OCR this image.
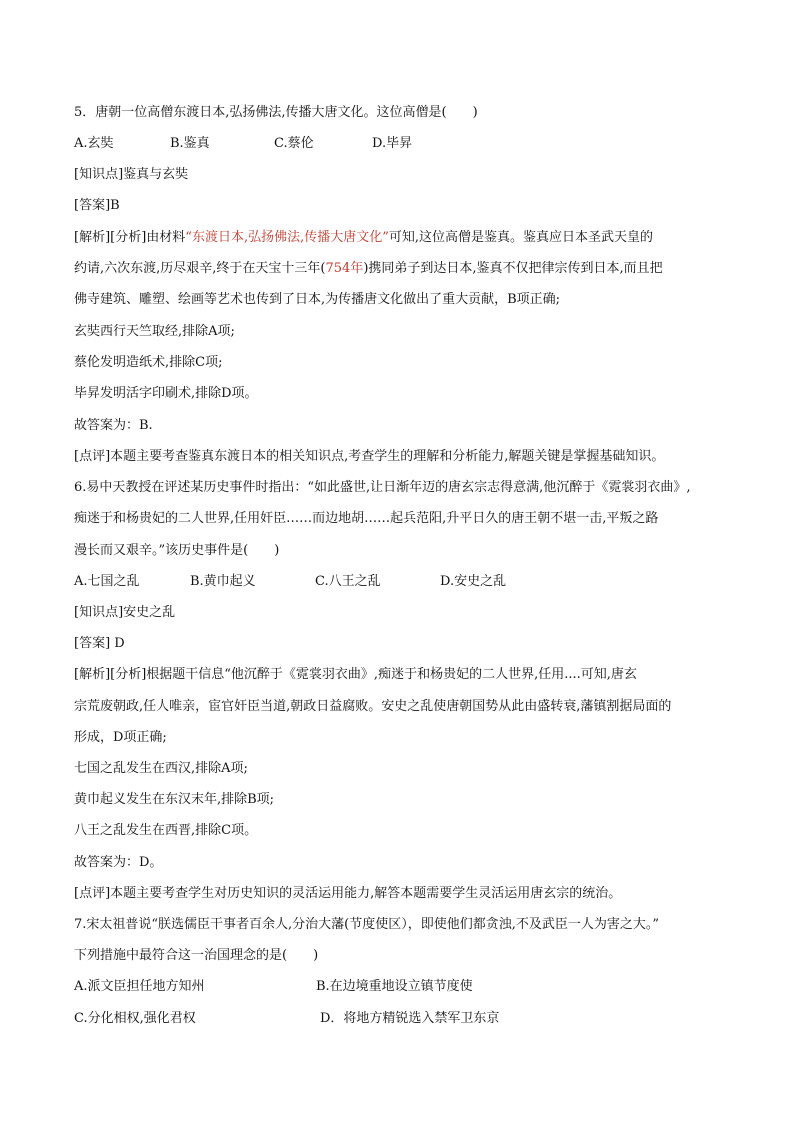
5．唐朝一位高僧东渡日本,弘扬佛法,传播大唐文化。这位高僧是(　　)
A.玄奘	B.鉴真	C.蔡伦	D.毕昇
[知识点]鉴真与玄奘
[答案]B
[解析][分析]由材料“东渡日本,弘扬佛法,传播大唐文化”可知,这位高僧是鉴真。鉴真应日本圣武天皇的
约请,六次东渡,历尽艰辛,终于在天宝十三年(754年)携同弟子到达日本,鉴真不仅把律宗传到日本,而且把
佛寺建筑、雕塑、绘画等艺术也传到了日本,为传播唐文化做出了重大贡献，B项正确;
玄奘西行天竺取经,排除A项;
蔡伦发明造纸术,排除C项;
毕昇发明活字印刷术,排除D项。
故答案为：B.
[点评]本题主要考查鉴真东渡日本的相关知识点,考查学生的理解和分析能力,解题关键是掌握基础知识。
6.易中天教授在评述某历史事件时指出：“如此盛世,让日渐年迈的唐玄宗志得意满,他沉醉于《霓裳羽衣曲》,
痴迷于和杨贵妃的二人世界,任用奸臣……而边地胡……起兵范阳,升平日久的唐王朝不堪一击,平叛之路
漫长而又艰辛。”该历史事件是(　　)
A.七国之乱	B.黄巾起义	C.八王之乱	D.安史之乱
[知识点]安史之乱
[答案] D
[解析][分析]根据题干信息“他沉醉于《霓裳羽衣曲》,痴迷于和杨贵妃的二人世界,任用....可知,唐玄
宗荒废朝政,任人唯亲，宦官奸臣当道,朝政日益腐败。安史之乱使唐朝国势从此由盛转衰,藩镇割据局面的
形成，D项正确;
七国之乱发生在西汉,排除A项;
黄巾起义发生在东汉末年,排除B项;
八王之乱发生在西晋,排除C项。
故答案为：D。
[点评]本题主要考查学生对历史知识的灵活运用能力,解答本题需要学生灵活运用唐玄宗的统治。
7.宋太祖普说“朕选儒臣干事者百余人,分治大藩(节度使区），即使他们都贪浊,不及武臣一人为害之大。”
下列措施中最符合这一治国理念的是(　　)
A.派文臣担任地方知州	B.在边境重地设立镇节度使
C.分化相权,强化君权	D．将地方精锐选入禁军卫东京
